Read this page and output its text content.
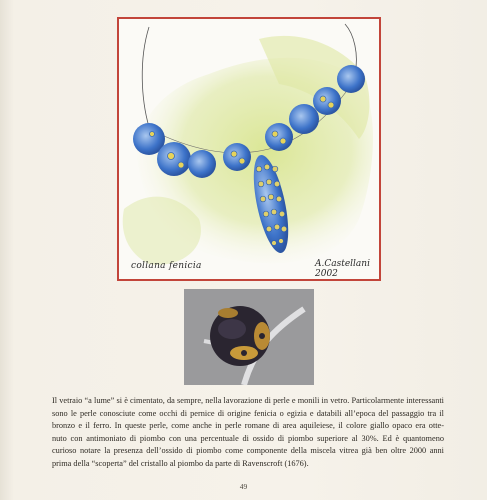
collana fenicia	A.Castellani 2002
Il vetraio “a lume” si è cimentato, da sempre, nella lavorazione di perle e monili in vetro. Particolarmente interessanti
sono le perle conosciute come occhi di pernice di origine fenicia o egizia e databili all’epoca del passaggio tra il
bronzo e il ferro. In queste perle, come anche in perle romane di area aquileiese, il colore giallo opaco era otte-
nuto con antimoniato di piombo con una percentuale di ossido di piombo superiore al 30%. Ed è quantomeno
curioso notare la presenza dell’ossido di piombo come componente della miscela vitrea già ben oltre 2000 anni
prima della “scoperta” del cristallo al piombo da parte di Ravenscroft (1676).
49
